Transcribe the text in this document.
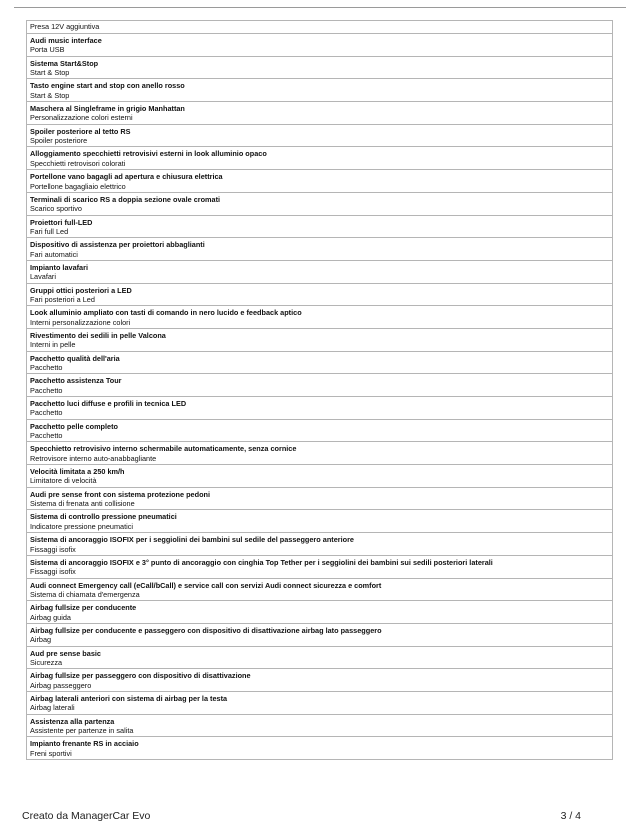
Presa 12V aggiuntiva
Audi music interface
Porta USB
Sistema Start&Stop
Start & Stop
Tasto engine start and stop con anello rosso
Start & Stop
Maschera al Singleframe in grigio Manhattan
Personalizzazione colori esterni
Spoiler posteriore al tetto RS
Spoiler posteriore
Alloggiamento specchietti retrovisivi esterni in look alluminio opaco
Specchietti retrovisori colorati
Portellone vano bagagli ad apertura e chiusura elettrica
Portellone bagagliaio elettrico
Terminali di scarico RS a doppia sezione ovale cromati
Scarico sportivo
Proiettori full-LED
Fari full Led
Dispositivo di assistenza per proiettori abbaglianti
Fari automatici
Impianto lavafari
Lavafari
Gruppi ottici posteriori a LED
Fari posteriori a Led
Look alluminio ampliato con tasti di comando in nero lucido e feedback aptico
Interni personalizzazione colori
Rivestimento dei sedili in pelle Valcona
Interni in pelle
Pacchetto qualità dell'aria
Pacchetto
Pacchetto assistenza Tour
Pacchetto
Pacchetto luci diffuse e profili in tecnica LED
Pacchetto
Pacchetto pelle completo
Pacchetto
Specchietto retrovisivo interno schermabile automaticamente, senza cornice
Retrovisore interno auto-anabbagliante
Velocità limitata a 250 km/h
Limitatore di velocità
Audi pre sense front con sistema protezione pedoni
Sistema di frenata anti collisione
Sistema di controllo pressione pneumatici
Indicatore pressione pneumatici
Sistema di ancoraggio ISOFIX per i seggiolini dei bambini sul sedile del passeggero anteriore
Fissaggi isofix
Sistema di ancoraggio ISOFIX e 3° punto di ancoraggio con cinghia Top Tether per i seggiolini dei bambini sui sedili posteriori laterali
Fissaggi isofix
Audi connect Emergency call (eCall/bCall) e service call con servizi Audi connect sicurezza e comfort
Sistema di chiamata d'emergenza
Airbag fullsize per conducente
Airbag guida
Airbag fullsize per conducente e passeggero con dispositivo di disattivazione airbag lato passeggero
Airbag
Aud pre sense basic
Sicurezza
Airbag fullsize per passeggero con dispositivo di disattivazione
Airbag passeggero
Airbag laterali anteriori con sistema di airbag per la testa
Airbag laterali
Assistenza alla partenza
Assistente per partenze in salita
Impianto frenante RS in acciaio
Freni sportivi
Creato da ManagerCar Evo	3 / 4
